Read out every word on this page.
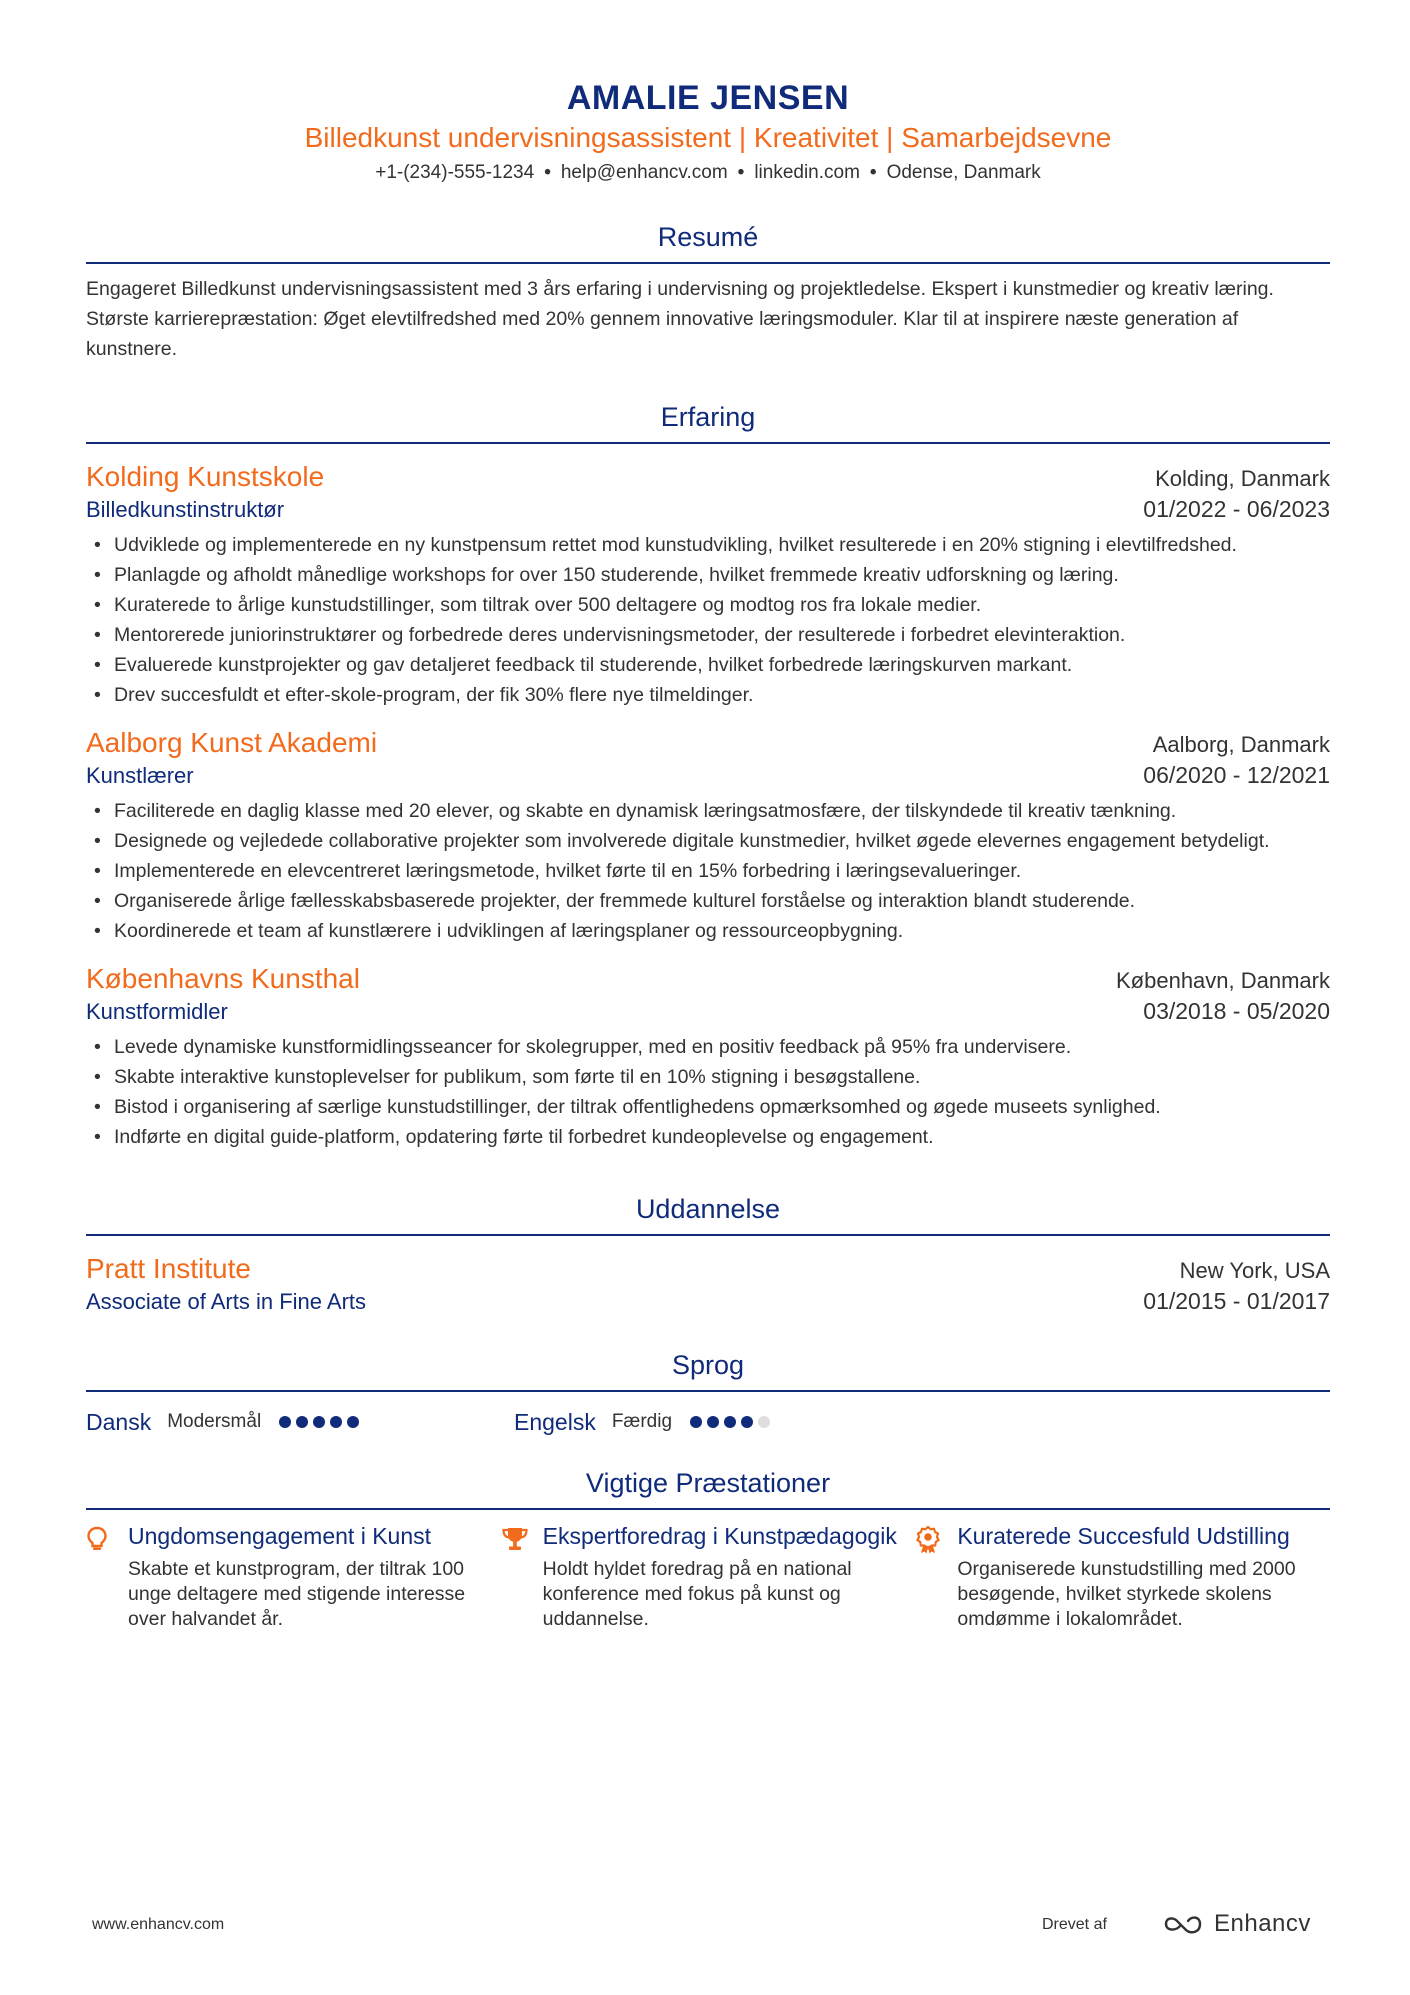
AMALIE JENSEN
Billedkunst undervisningsassistent | Kreativitet | Samarbejdsevne
+1-(234)-555-1234 • help@enhancv.com • linkedin.com • Odense, Danmark
Resumé
Engageret Billedkunst undervisningsassistent med 3 års erfaring i undervisning og projektledelse. Ekspert i kunstmedier og kreativ læring. Største karrierepræstation: Øget elevtilfredshed med 20% gennem innovative læringsmoduler. Klar til at inspirere næste generation af kunstnere.
Erfaring
Kolding Kunstskole	Kolding, Danmark
Billedkunstinstruktør	01/2022 - 06/2023
• Udviklede og implementerede en ny kunstpensum rettet mod kunstudvikling, hvilket resulterede i en 20% stigning i elevtilfredshed.
• Planlagde og afholdt månedlige workshops for over 150 studerende, hvilket fremmede kreativ udforskning og læring.
• Kuraterede to årlige kunstudstillinger, som tiltrak over 500 deltagere og modtog ros fra lokale medier.
• Mentorerede juniorinstruktører og forbedrede deres undervisningsmetoder, der resulterede i forbedret elevinteraktion.
• Evaluerede kunstprojekter og gav detaljeret feedback til studerende, hvilket forbedrede læringskurven markant.
• Drev succesfuldt et efter-skole-program, der fik 30% flere nye tilmeldinger.
Aalborg Kunst Akademi	Aalborg, Danmark
Kunstlærer	06/2020 - 12/2021
• Faciliterede en daglig klasse med 20 elever, og skabte en dynamisk læringsatmosfære, der tilskyndede til kreativ tænkning.
• Designede og vejledede collaborative projekter som involverede digitale kunstmedier, hvilket øgede elevernes engagement betydeligt.
• Implementerede en elevcentreret læringsmetode, hvilket førte til en 15% forbedring i læringsevalueringer.
• Organiserede årlige fællesskabsbaserede projekter, der fremmede kulturel forståelse og interaktion blandt studerende.
• Koordinerede et team af kunstlærere i udviklingen af læringsplaner og ressourceopbygning.
Københavns Kunsthal	København, Danmark
Kunstformidler	03/2018 - 05/2020
• Levede dynamiske kunstformidlingsseancer for skolegrupper, med en positiv feedback på 95% fra undervisere.
• Skabte interaktive kunstoplevelser for publikum, som førte til en 10% stigning i besøgstallene.
• Bistod i organisering af særlige kunstudstillinger, der tiltrak offentlighedens opmærksomhed og øgede museets synlighed.
• Indførte en digital guide-platform, opdatering førte til forbedret kundeoplevelse og engagement.
Uddannelse
Pratt Institute	New York, USA
Associate of Arts in Fine Arts	01/2015 - 01/2017
Sprog
Dansk Modersmål	Engelsk Færdig
Vigtige Præstationer
Ungdomsengagement i Kunst
Skabte et kunstprogram, der tiltrak 100 unge deltagere med stigende interesse over halvandet år.
Ekspertforedrag i Kunstpædagogik
Holdt hyldet foredrag på en national konference med fokus på kunst og uddannelse.
Kuraterede Succesfuld Udstilling
Organiserede kunstudstilling med 2000 besøgende, hvilket styrkede skolens omdømme i lokalområdet.
www.enhancv.com	Drevet af	Enhancv
